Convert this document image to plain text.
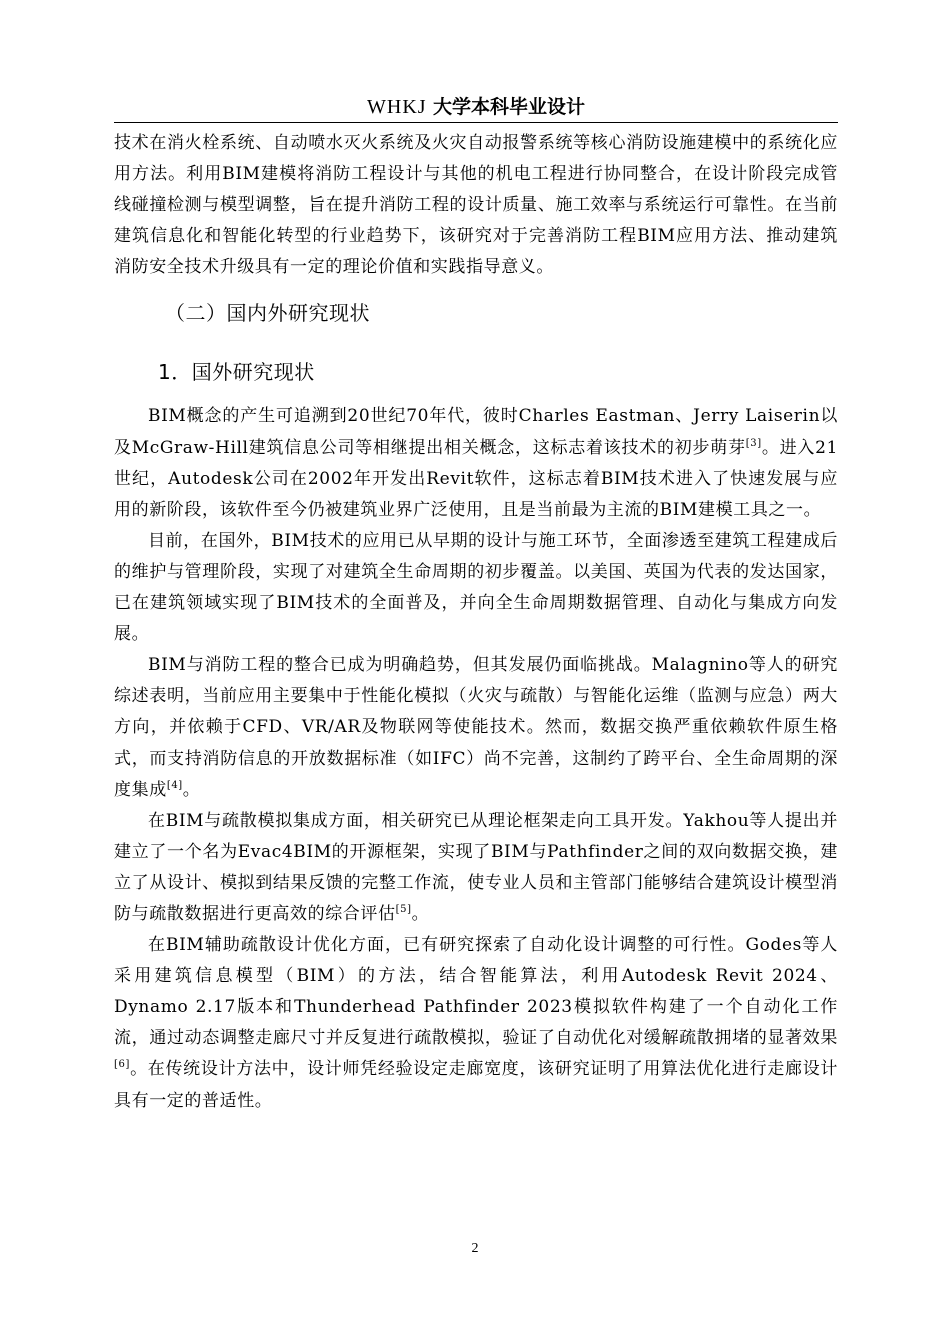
WHKJ 大学本科毕业设计

技术在消火栓系统、自动喷水灭火系统及火灾自动报警系统等核心消防设施建模中的系统化应用方法。利用BIM建模将消防工程设计与其他的机电工程进行协同整合，在设计阶段完成管线碰撞检测与模型调整，旨在提升消防工程的设计质量、施工效率与系统运行可靠性。在当前建筑信息化和智能化转型的行业趋势下，该研究对于完善消防工程BIM应用方法、推动建筑消防安全技术升级具有一定的理论价值和实践指导意义。

（二）国内外研究现状
1．国外研究现状

BIM概念的产生可追溯到20世纪70年代，彼时Charles Eastman、Jerry Laiserin以及McGraw-Hill建筑信息公司等相继提出相关概念，这标志着该技术的初步萌芽[3]。进入21世纪，Autodesk公司在2002年开发出Revit软件，这标志着BIM技术进入了快速发展与应用的新阶段，该软件至今仍被建筑业界广泛使用，且是当前最为主流的BIM建模工具之一。

目前，在国外，BIM技术的应用已从早期的设计与施工环节，全面渗透至建筑工程建成后的维护与管理阶段，实现了对建筑全生命周期的初步覆盖。以美国、英国为代表的发达国家，已在建筑领域实现了BIM技术的全面普及，并向全生命周期数据管理、自动化与集成方向发展。

BIM与消防工程的整合已成为明确趋势，但其发展仍面临挑战。Malagnino等人的研究综述表明，当前应用主要集中于性能化模拟（火灾与疏散）与智能化运维（监测与应急）两大方向，并依赖于CFD、VR/AR及物联网等使能技术。然而，数据交换严重依赖软件原生格式，而支持消防信息的开放数据标准（如IFC）尚不完善，这制约了跨平台、全生命周期的深度集成[4]。

在BIM与疏散模拟集成方面，相关研究已从理论框架走向工具开发。Yakhou等人提出并建立了一个名为Evac4BIM的开源框架，实现了BIM与Pathfinder之间的双向数据交换，建立了从设计、模拟到结果反馈的完整工作流，使专业人员和主管部门能够结合建筑设计模型消防与疏散数据进行更高效的综合评估[5]。

在BIM辅助疏散设计优化方面，已有研究探索了自动化设计调整的可行性。Godes等人采用建筑信息模型（BIM）的方法，结合智能算法，利用Autodesk Revit 2024、Dynamo 2.17版本和Thunderhead Pathfinder 2023模拟软件构建了一个自动化工作流，通过动态调整走廊尺寸并反复进行疏散模拟，验证了自动优化对缓解疏散拥堵的显著效果[6]。在传统设计方法中，设计师凭经验设定走廊宽度，该研究证明了用算法优化进行走廊设计具有一定的普适性。

2
